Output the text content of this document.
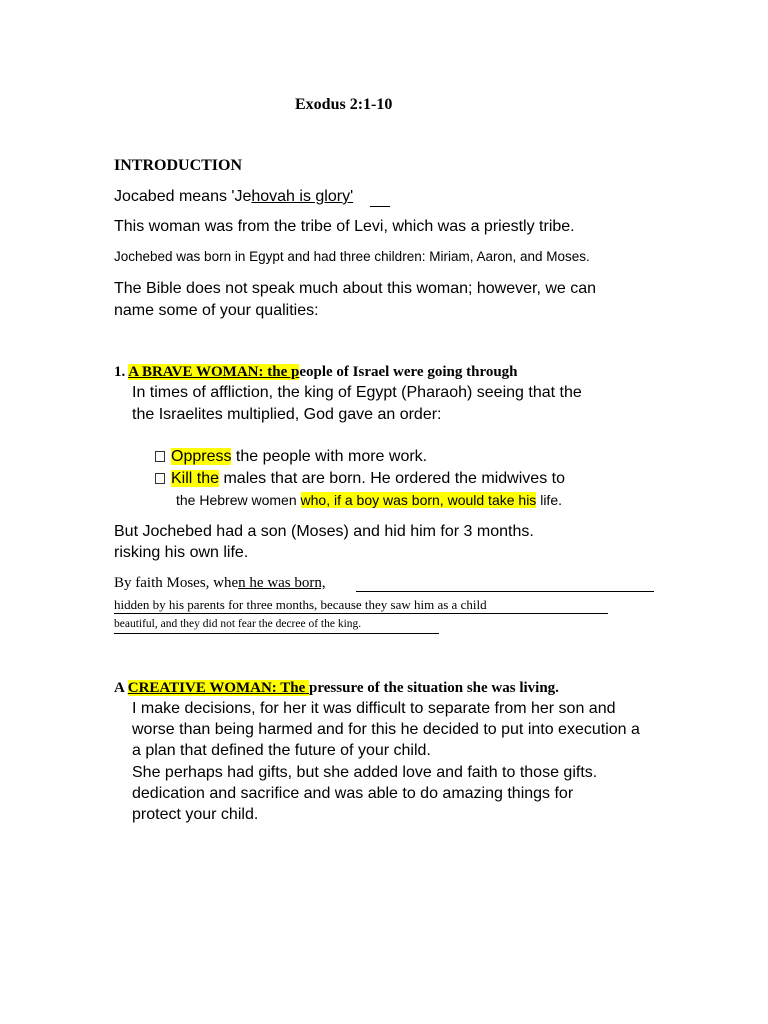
Exodus 2:1-10
INTRODUCTION
Jocabed means 'Jehovah is glory'
This woman was from the tribe of Levi, which was a priestly tribe.
Jochebed was born in Egypt and had three children: Miriam, Aaron, and Moses.
The Bible does not speak much about this woman; however, we can
name some of your qualities:
1. A BRAVE WOMAN: the people of Israel were going through
In times of affliction, the king of Egypt (Pharaoh) seeing that the
the Israelites multiplied, God gave an order:
Oppress the people with more work.
Kill the males that are born. He ordered the midwives to
the Hebrew women who, if a boy was born, would take his life.
But Jochebed had a son (Moses) and hid him for 3 months.
risking his own life.
By faith Moses, when he was born,
hidden by his parents for three months, because they saw him as a child
beautiful, and they did not fear the decree of the king.
A CREATIVE WOMAN: The pressure of the situation she was living.
I make decisions, for her it was difficult to separate from her son and
worse than being harmed and for this he decided to put into execution a
a plan that defined the future of your child.
She perhaps had gifts, but she added love and faith to those gifts.
dedication and sacrifice and was able to do amazing things for
protect your child.
